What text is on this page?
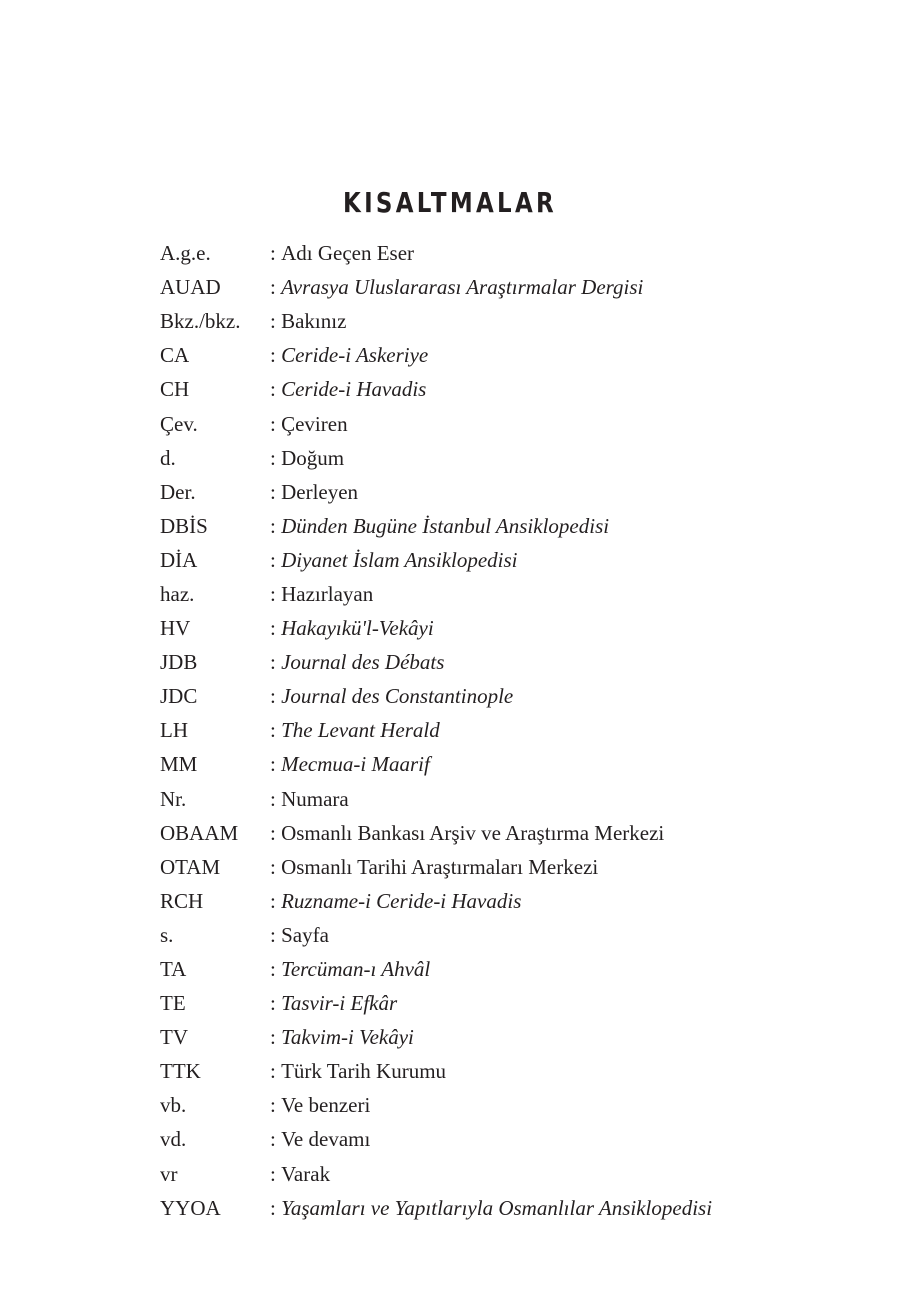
KISALTMALAR
A.g.e.	: Adı Geçen Eser
AUAD	: Avrasya Uluslararası Araştırmalar Dergisi
Bkz./bkz.	: Bakınız
CA	: Ceride-i Askeriye
CH	: Ceride-i Havadis
Çev.	: Çeviren
d.	: Doğum
Der.	: Derleyen
DBİS	: Dünden Bugüne İstanbul Ansiklopedisi
DİA	: Diyanet İslam Ansiklopedisi
haz.	: Hazırlayan
HV	: Hakayıkü'l-Vekâyi
JDB	: Journal des Débats
JDC	: Journal des Constantinople
LH	: The Levant Herald
MM	: Mecmua-i Maarif
Nr.	: Numara
OBAAM	: Osmanlı Bankası Arşiv ve Araştırma Merkezi
OTAM	: Osmanlı Tarihi Araştırmaları Merkezi
RCH	: Ruzname-i Ceride-i Havadis
s.	: Sayfa
TA	: Tercüman-ı Ahvâl
TE	: Tasvir-i Efkâr
TV	: Takvim-i Vekâyi
TTK	: Türk Tarih Kurumu
vb.	: Ve benzeri
vd.	: Ve devamı
vr	: Varak
YYOA	: Yaşamları ve Yapıtlarıyla Osmanlılar Ansiklopedisi
